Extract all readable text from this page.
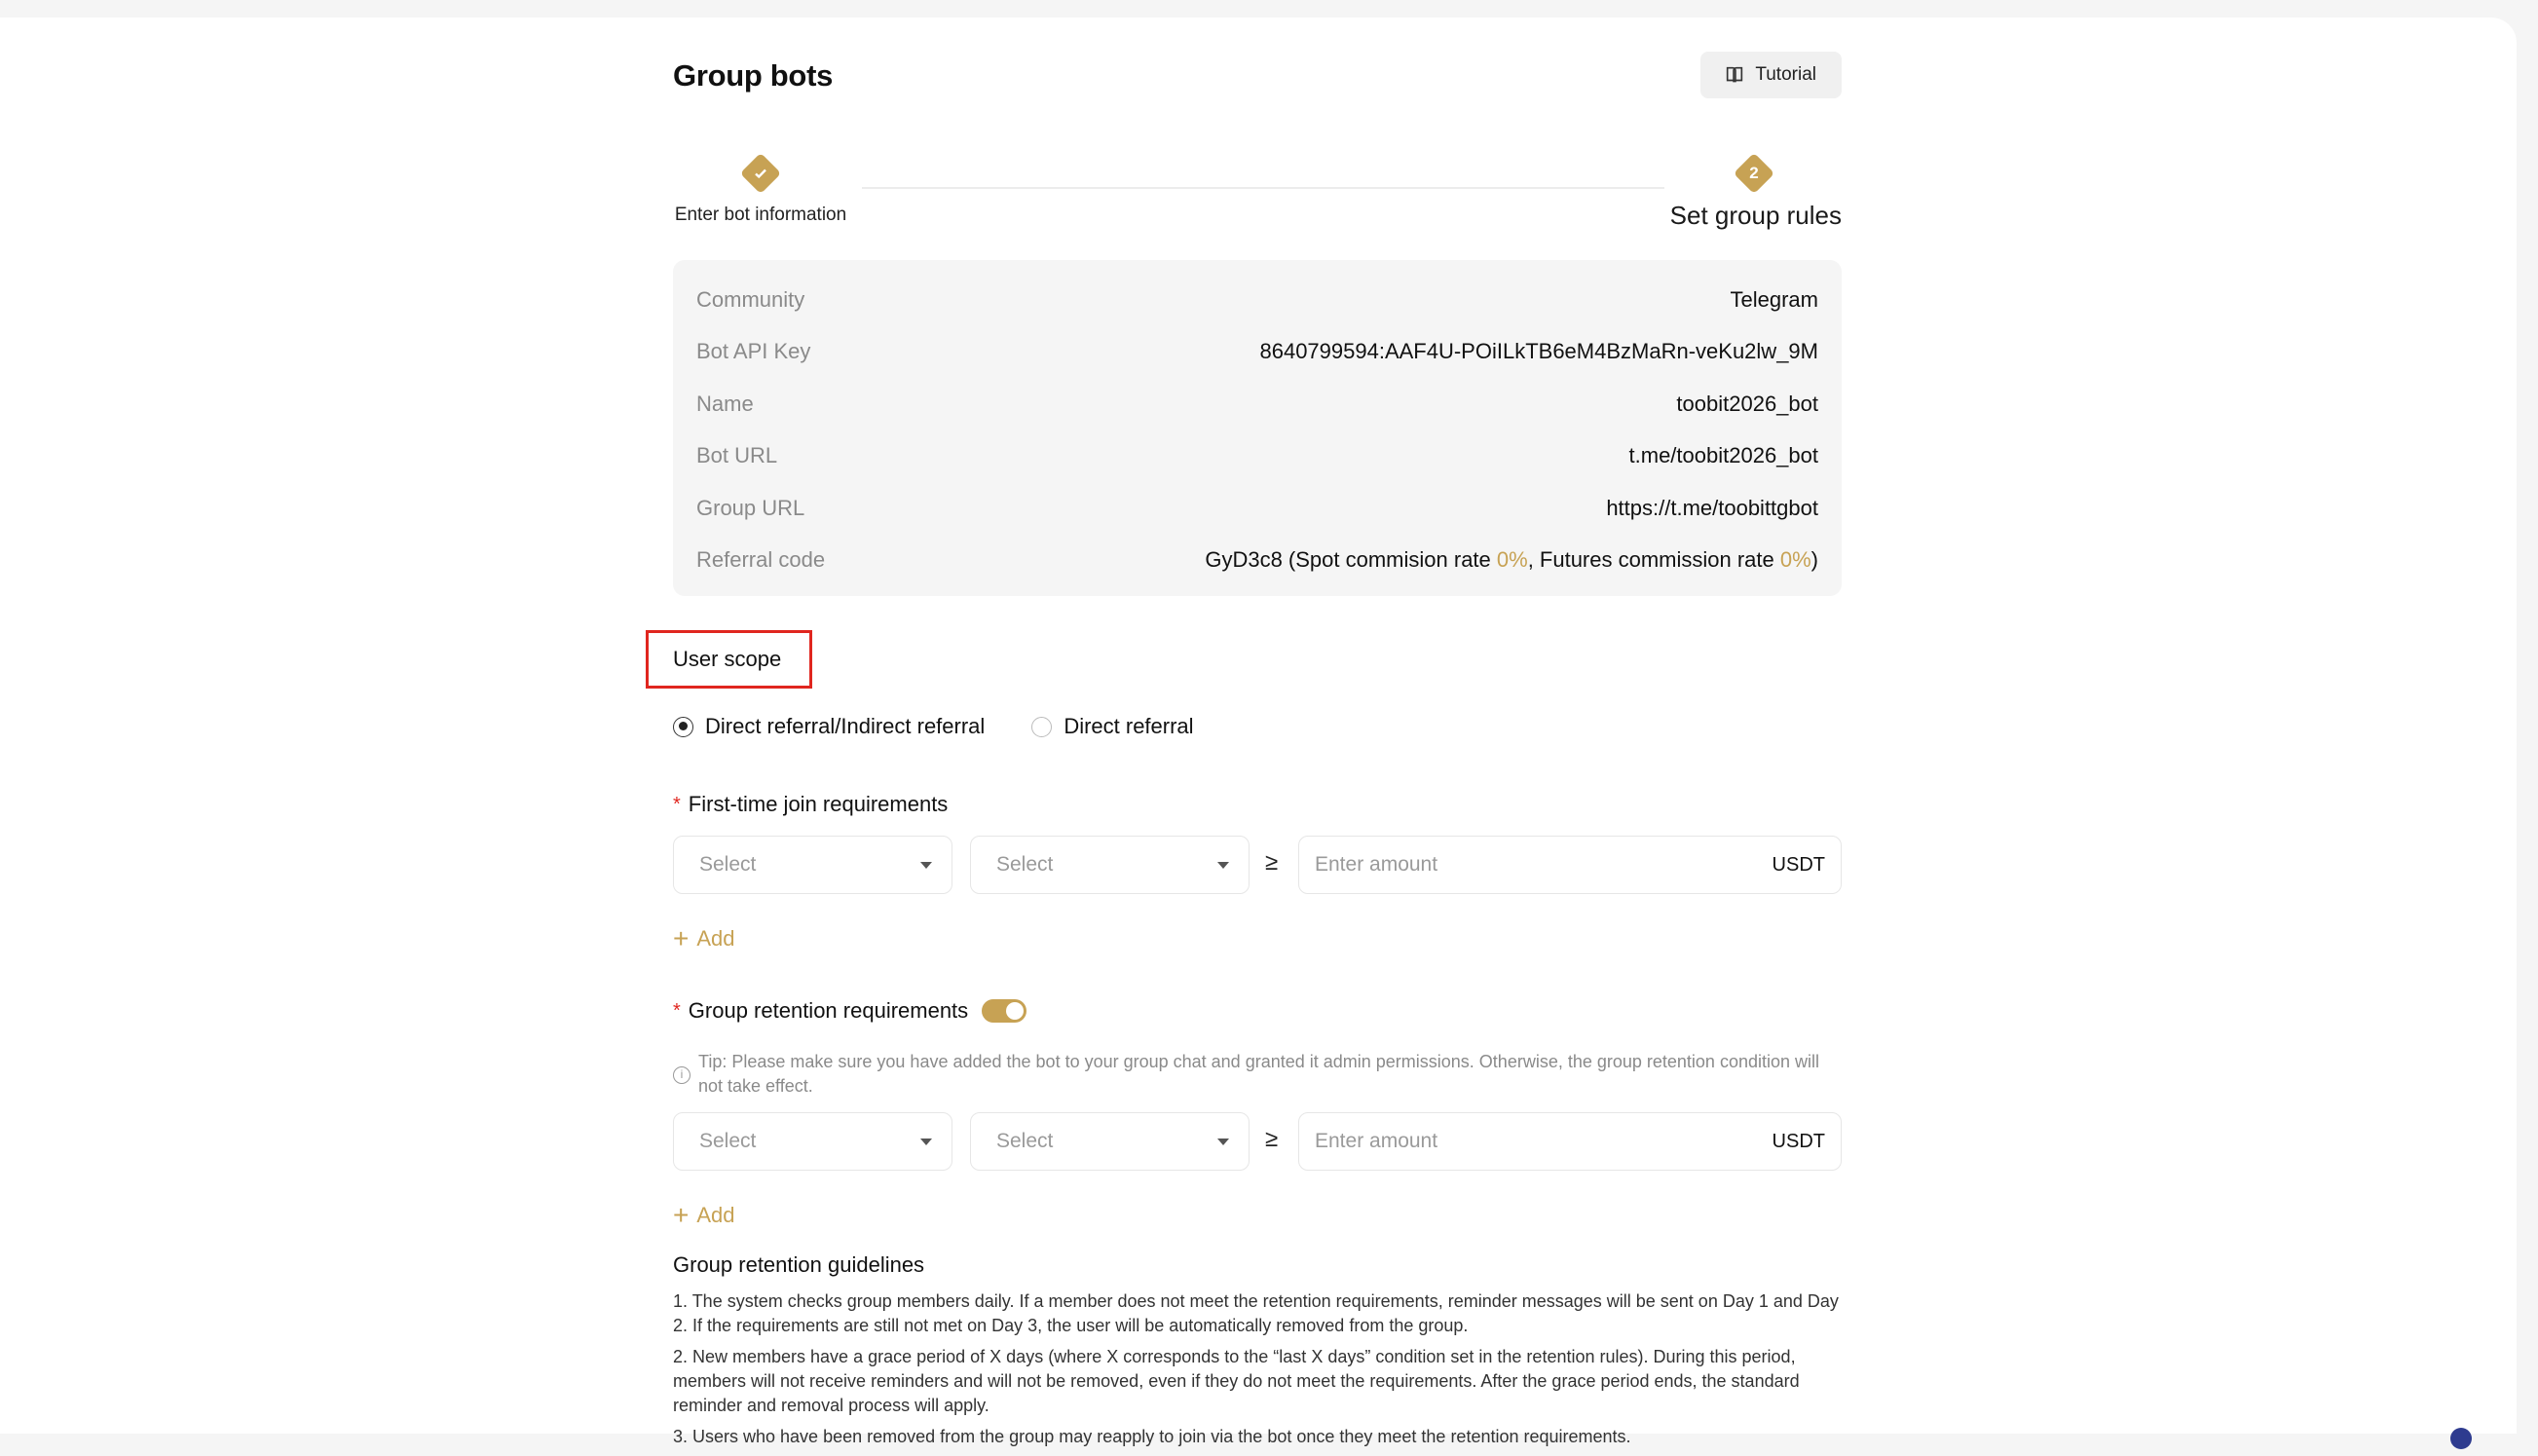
Group bots	Tutorial
Enter bot information
2
Set group rules
Community	Telegram
Bot API Key	8640799594:AAF4U-POiILkTB6eM4BzMaRn-veKu2lw_9M
Name	toobit2026_bot
Bot URL	t.me/toobit2026_bot
Group URL	https://t.me/toobittgbot
Referral code	GyD3c8 (Spot commision rate 0%, Futures commission rate 0%)
User scope
Direct referral/Indirect referral	Direct referral
* First-time join requirements
Select	Select	≥
Enter amount	USDT
+ Add
* Group retention requirements
i
Tip: Please make sure you have added the bot to your group chat and granted it admin permissions. Otherwise, the group retention condition will not take effect.
Select	Select	≥
Enter amount	USDT
+ Add
Group retention guidelines

1. The system checks group members daily. If a member does not meet the retention requirements, reminder messages will be sent on Day 1 and Day 2. If the requirements are still not met on Day 3, the user will be automatically removed from the group.

2. New members have a grace period of X days (where X corresponds to the “last X days” condition set in the retention rules). During this period, members will not receive reminders and will not be removed, even if they do not meet the requirements. After the grace period ends, the standard reminder and removal process will apply.

3. Users who have been removed from the group may reapply to join via the bot once they meet the retention requirements.
